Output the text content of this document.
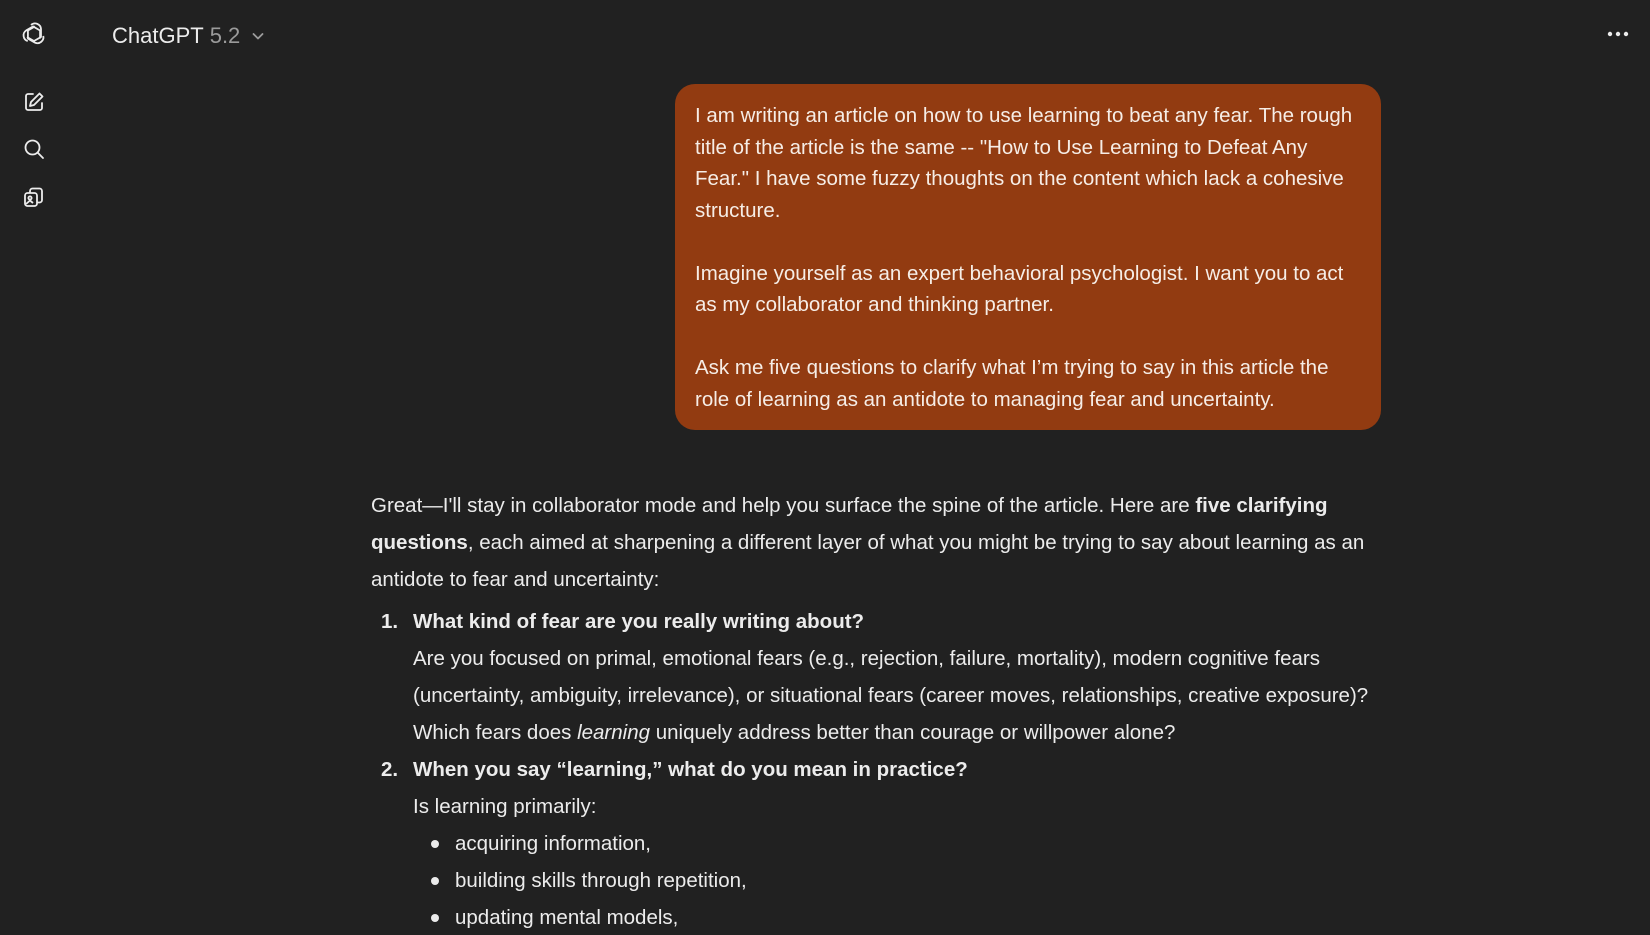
ChatGPT 5.2

I am writing an article on how to use learning to beat any fear. The rough title of the article is the same -- "How to Use Learning to Defeat Any Fear." I have some fuzzy thoughts on the content which lack a cohesive structure.

Imagine yourself as an expert behavioral psychologist. I want you to act as my collaborator and thinking partner.

Ask me five questions to clarify what I’m trying to say in this article the role of learning as an antidote to managing fear and uncertainty.

Great—I'll stay in collaborator mode and help you surface the spine of the article. Here are five clarifying questions, each aimed at sharpening a different layer of what you might be trying to say about learning as an antidote to fear and uncertainty:

1. What kind of fear are you really writing about?
Are you focused on primal, emotional fears (e.g., rejection, failure, mortality), modern cognitive fears (uncertainty, ambiguity, irrelevance), or situational fears (career moves, relationships, creative exposure)? Which fears does learning uniquely address better than courage or willpower alone?
2. When you say “learning,” what do you mean in practice?
Is learning primarily:
acquiring information,
building skills through repetition,
updating mental models,
